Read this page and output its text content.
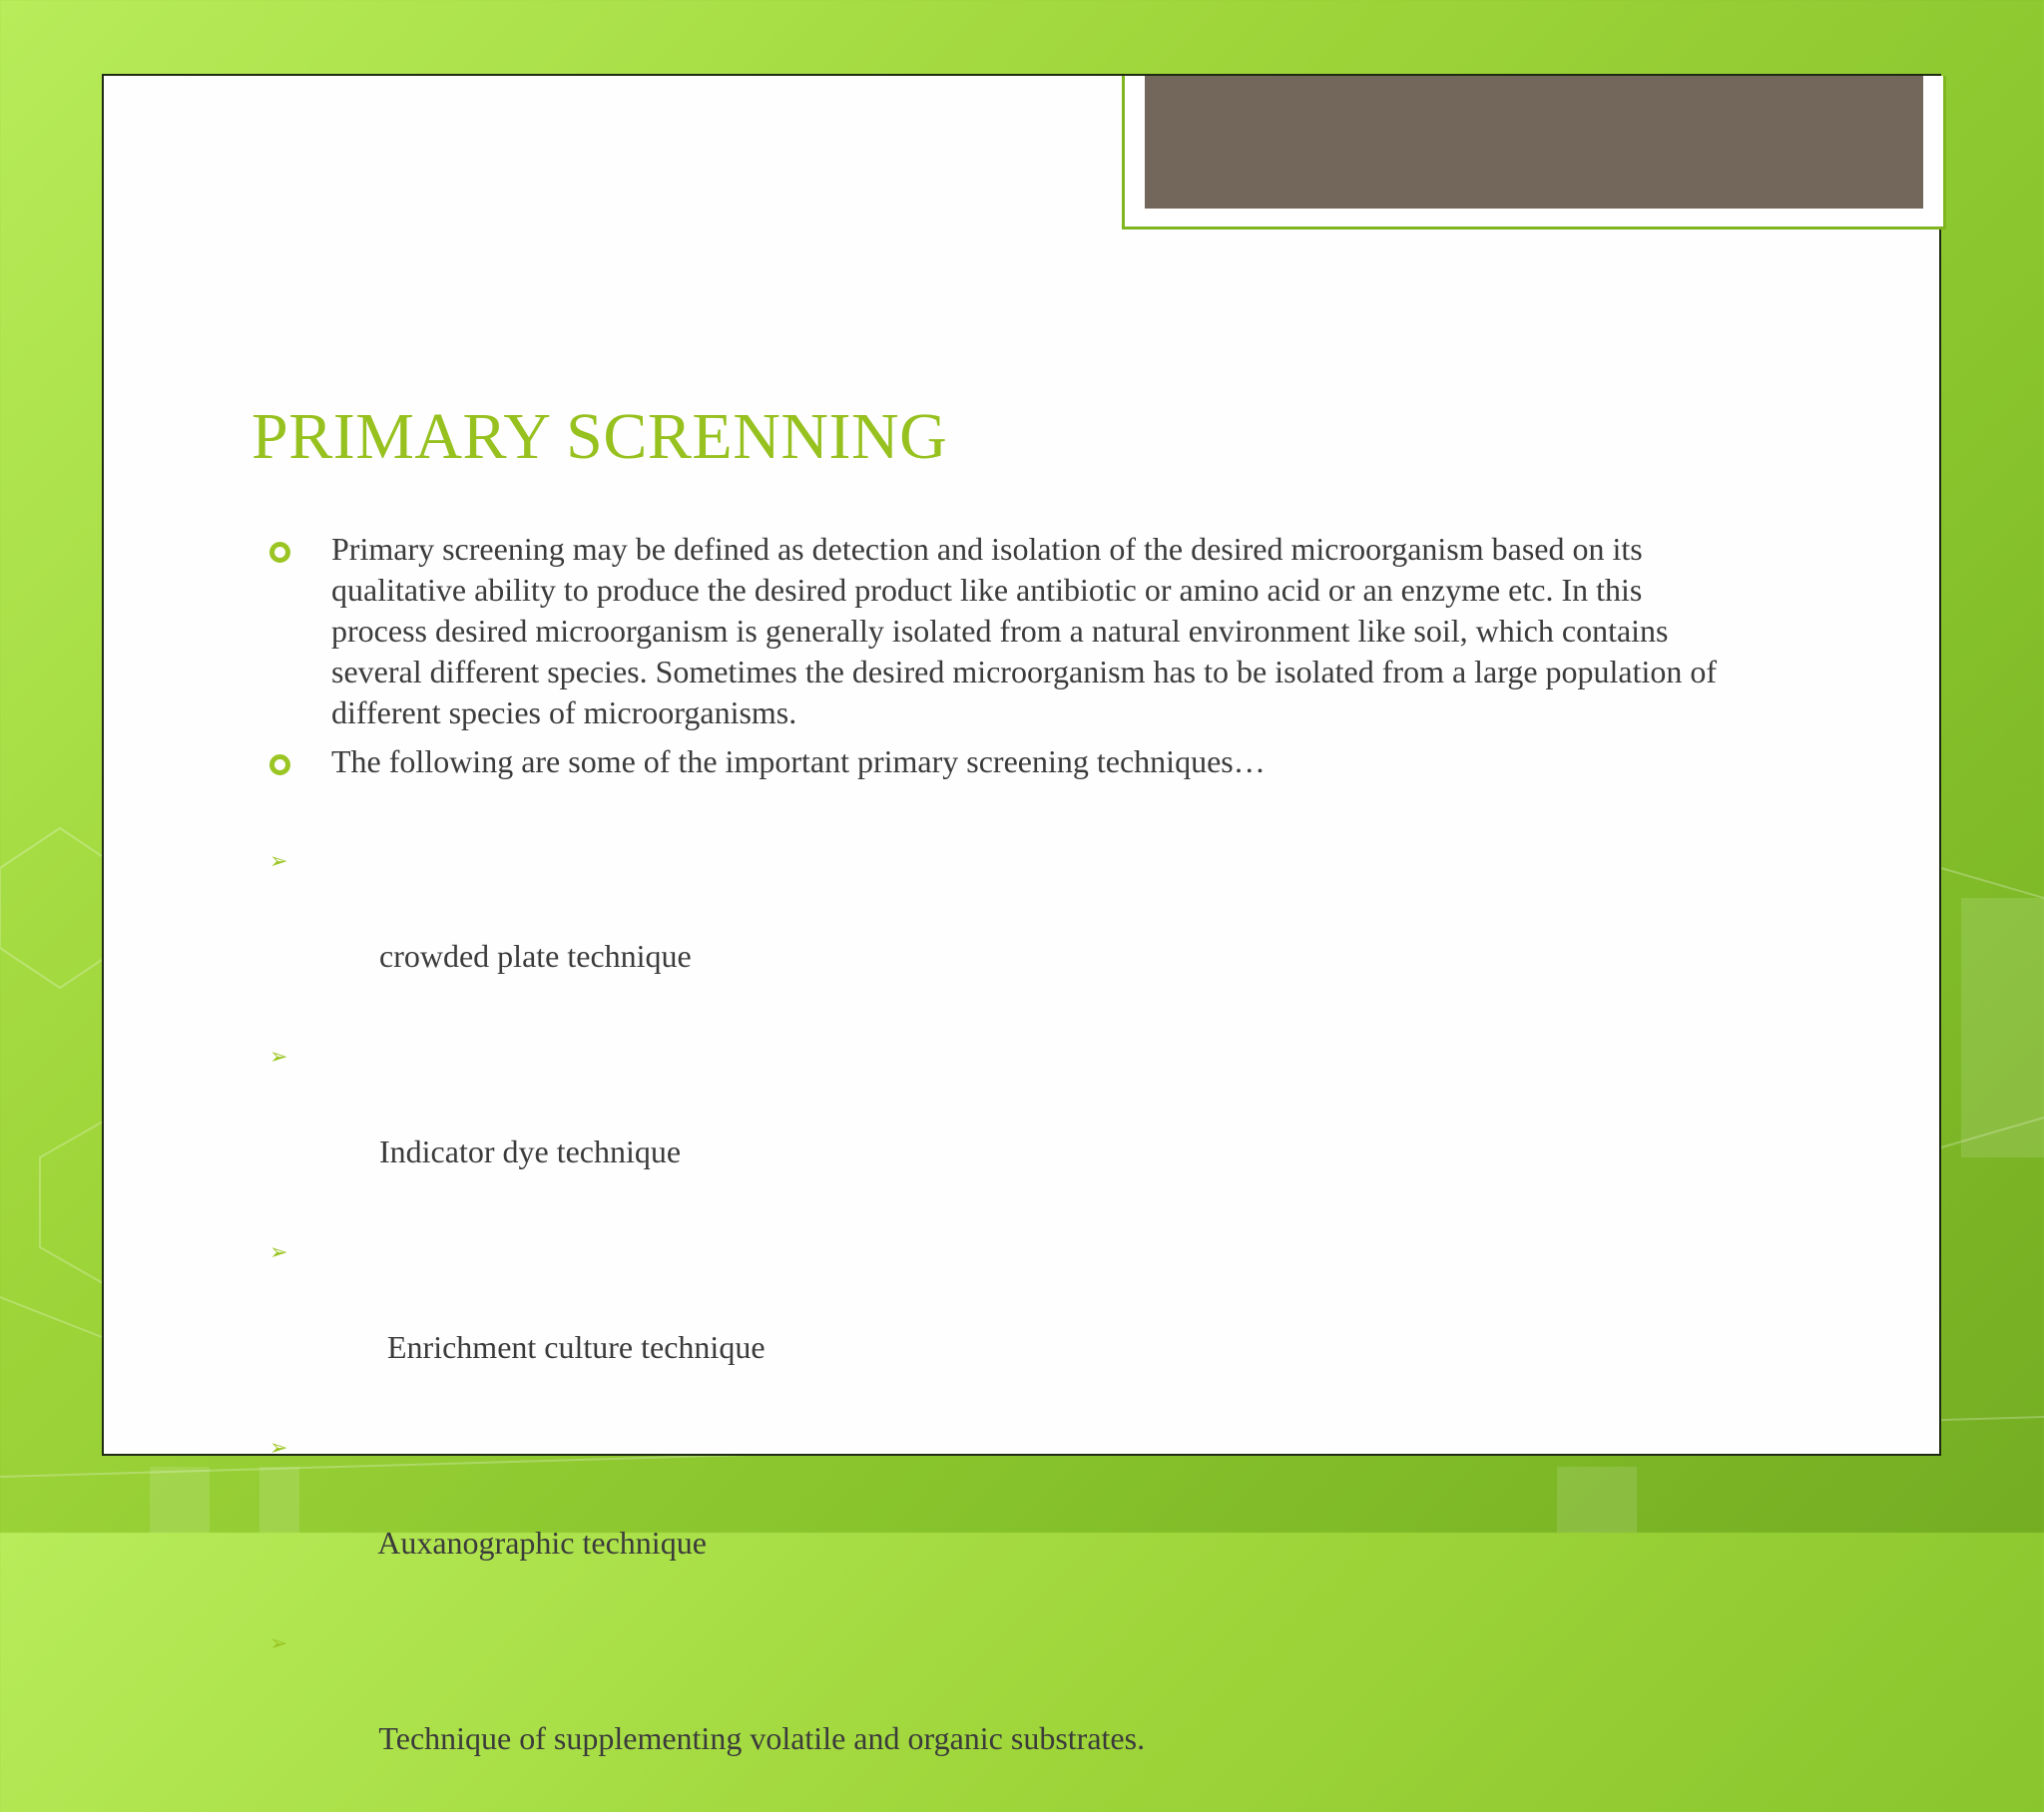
PRIMARY SCRENNING
Primary screening may be defined as detection and isolation of the desired microorganism based on its qualitative ability to produce the desired product like antibiotic or amino acid or an enzyme etc. In this process desired microorganism is generally isolated from a natural environment like soil, which contains several different species. Sometimes the desired microorganism has to be isolated from a large population of different species of microorganisms.
The following are some of the important primary screening techniques…

➢

crowded plate technique

➢

Indicator dye technique

➢

Enrichment culture technique

➢

Auxanographic technique

➢

Technique of supplementing volatile and organic substrates.
